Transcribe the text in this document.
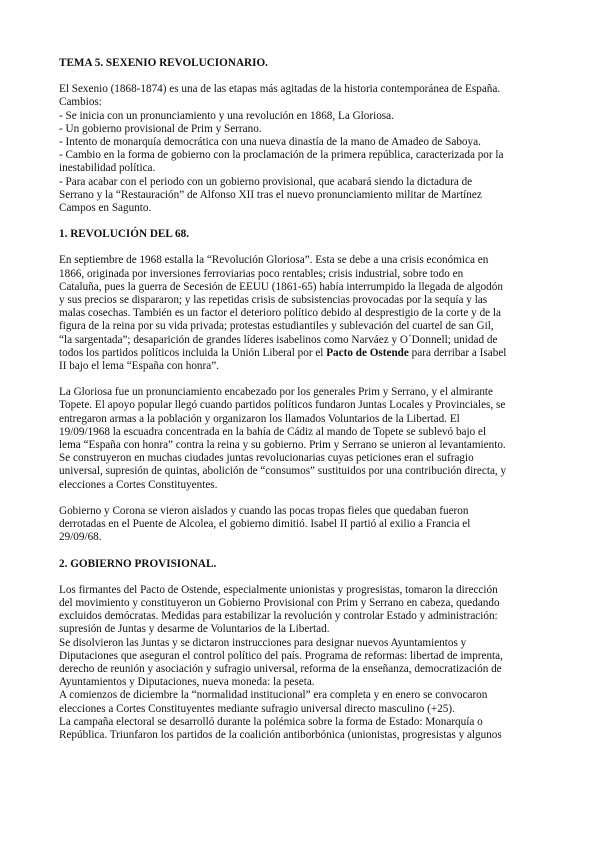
TEMA 5. SEXENIO REVOLUCIONARIO.

El Sexenio (1868-1874) es una de las etapas más agitadas de la historia contemporánea de España.
Cambios:
- Se inicia con un pronunciamiento y una revolución en 1868, La Gloriosa.
- Un gobierno provisional de Prim y Serrano.
- Intento de monarquía democrática con una nueva dinastía de la mano de Amadeo de Saboya.
- Cambio en la forma de gobierno con la proclamación de la primera república, caracterizada por la
inestabilidad política.
- Para acabar con el periodo con un gobierno provisional, que acabará siendo la dictadura de
Serrano y la “Restauración” de Alfonso XII tras el nuevo pronunciamiento militar de Martínez
Campos en Sagunto.

1. REVOLUCIÓN DEL 68.

En septiembre de 1968 estalla la “Revolución Gloriosa”. Esta se debe a una crisis económica en
1866, originada por inversiones ferroviarias poco rentables; crisis industrial, sobre todo en
Cataluña, pues la guerra de Secesión de EEUU (1861-65) había interrumpido la llegada de algodón
y sus precios se dispararon; y las repetidas crisis de subsistencias provocadas por la sequía y las
malas cosechas. También es un factor el deterioro político debido al desprestigio de la corte y de la
figura de la reina por su vida privada; protestas estudiantiles y sublevación del cuartel de san Gil,
“la sargentada”; desaparición de grandes líderes isabelinos como Narváez y O´Donnell; unidad de
todos los partidos políticos incluida la Unión Liberal por el Pacto de Ostende para derribar a Isabel
II bajo el lema “España con honra”.

La Gloriosa fue un pronunciamiento encabezado por los generales Prim y Serrano, y el almirante
Topete. El apoyo popular llegó cuando partidos políticos fundaron Juntas Locales y Provinciales, se
entregaron armas a la población y organizaron los llamados Voluntarios de la Libertad. El
19/09/1968 la escuadra concentrada en la bahía de Cádiz al mando de Topete se sublevó bajo el
lema “España con honra” contra la reina y su gobierno. Prim y Serrano se unieron al levantamiento.
Se construyeron en muchas ciudades juntas revolucionarias cuyas peticiones eran el sufragio
universal, supresión de quintas, abolición de “consumos” sustituidos por una contribución directa, y
elecciones a Cortes Constituyentes.

Gobierno y Corona se vieron aislados y cuando las pocas tropas fieles que quedaban fueron
derrotadas en el Puente de Alcolea, el gobierno dimitió. Isabel II partió al exilio a Francia el
29/09/68.

2. GOBIERNO PROVISIONAL.

Los firmantes del Pacto de Ostende, especialmente unionistas y progresistas, tomaron la dirección
del movimiento y constituyeron un Gobierno Provisional con Prim y Serrano en cabeza, quedando
excluidos demócratas. Medidas para estabilizar la revolución y controlar Estado y administración:
supresión de Juntas y desarme de Voluntarios de la Libertad.
Se disolvieron las Juntas y se dictaron instrucciones para designar nuevos Ayuntamientos y
Diputaciones que aseguran el control político del país. Programa de reformas: libertad de imprenta,
derecho de reunión y asociación y sufragio universal, reforma de la enseñanza, democratización de
Ayuntamientos y Diputaciones, nueva moneda: la peseta.
A comienzos de diciembre la “normalidad institucional” era completa y en enero se convocaron
elecciones a Cortes Constituyentes mediante sufragio universal directo masculino (+25).
La campaña electoral se desarrolló durante la polémica sobre la forma de Estado: Monarquía o
República. Triunfaron los partidos de la coalición antiborbónica (unionistas, progresistas y algunos
